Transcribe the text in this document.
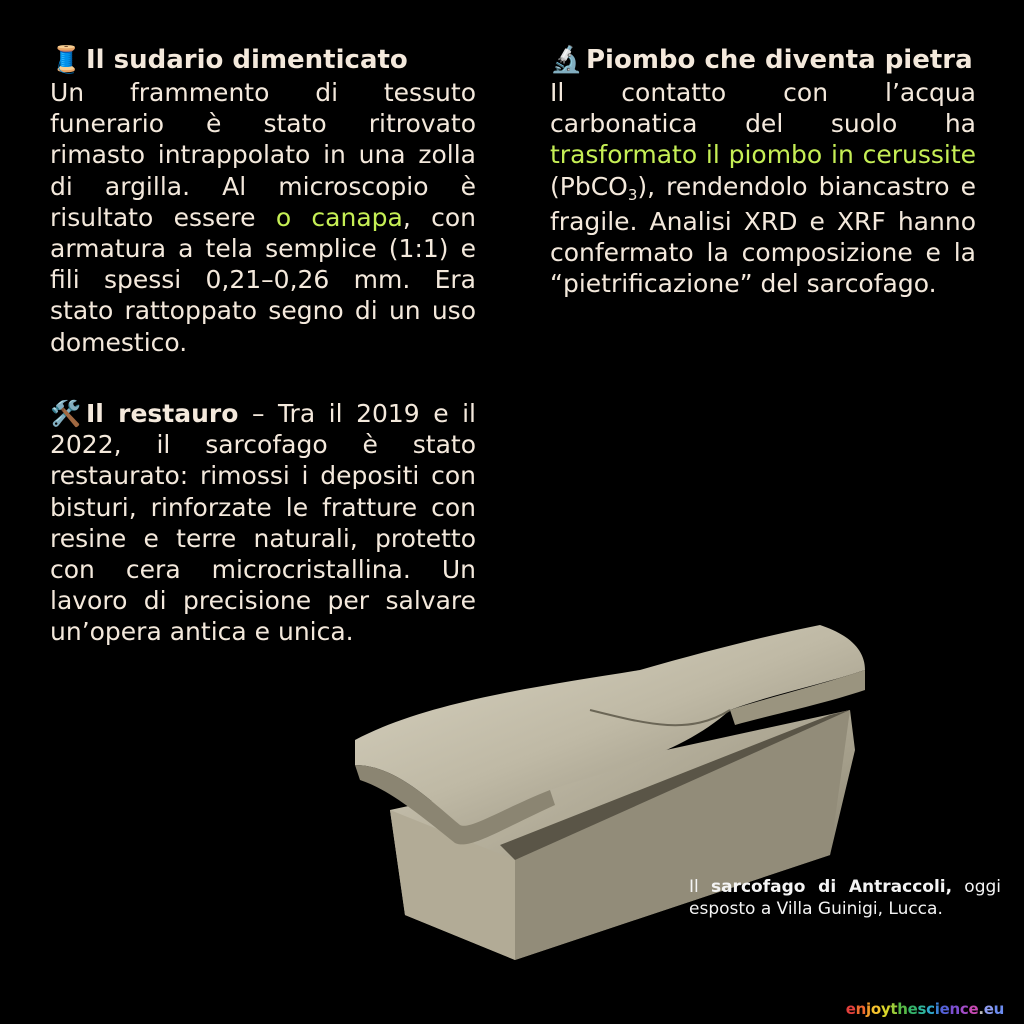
🧵 Il sudario dimenticato

Un frammento di tessuto funerario è stato ritrovato rimasto intrappolato in una zolla di argilla. Al microscopio è risultato essere o canapa, con armatura a tela semplice (1:1) e fili spessi 0,21–0,26 mm. Era stato rattoppato segno di un uso domestico.

🛠️ Il restauro – Tra il 2019 e il 2022, il sarcofago è stato restaurato: rimossi i depositi con bisturi, rinforzate le fratture con resine e terre naturali, protetto con cera microcristallina. Un lavoro di precisione per salvare un’opera antica e unica.

🔬 Piombo che diventa pietra

Il contatto con l’acqua carbonatica del suolo ha trasformato il piombo in cerussite (PbCO$_3$), rendendolo biancastro e fragile. Analisi XRD e XRF hanno confermato la composizione e la “pietrificazione” del sarcofago.

Il sarcofago di Antraccoli, oggi esposto a Villa Guinigi, Lucca.
enjoythescience.eu
